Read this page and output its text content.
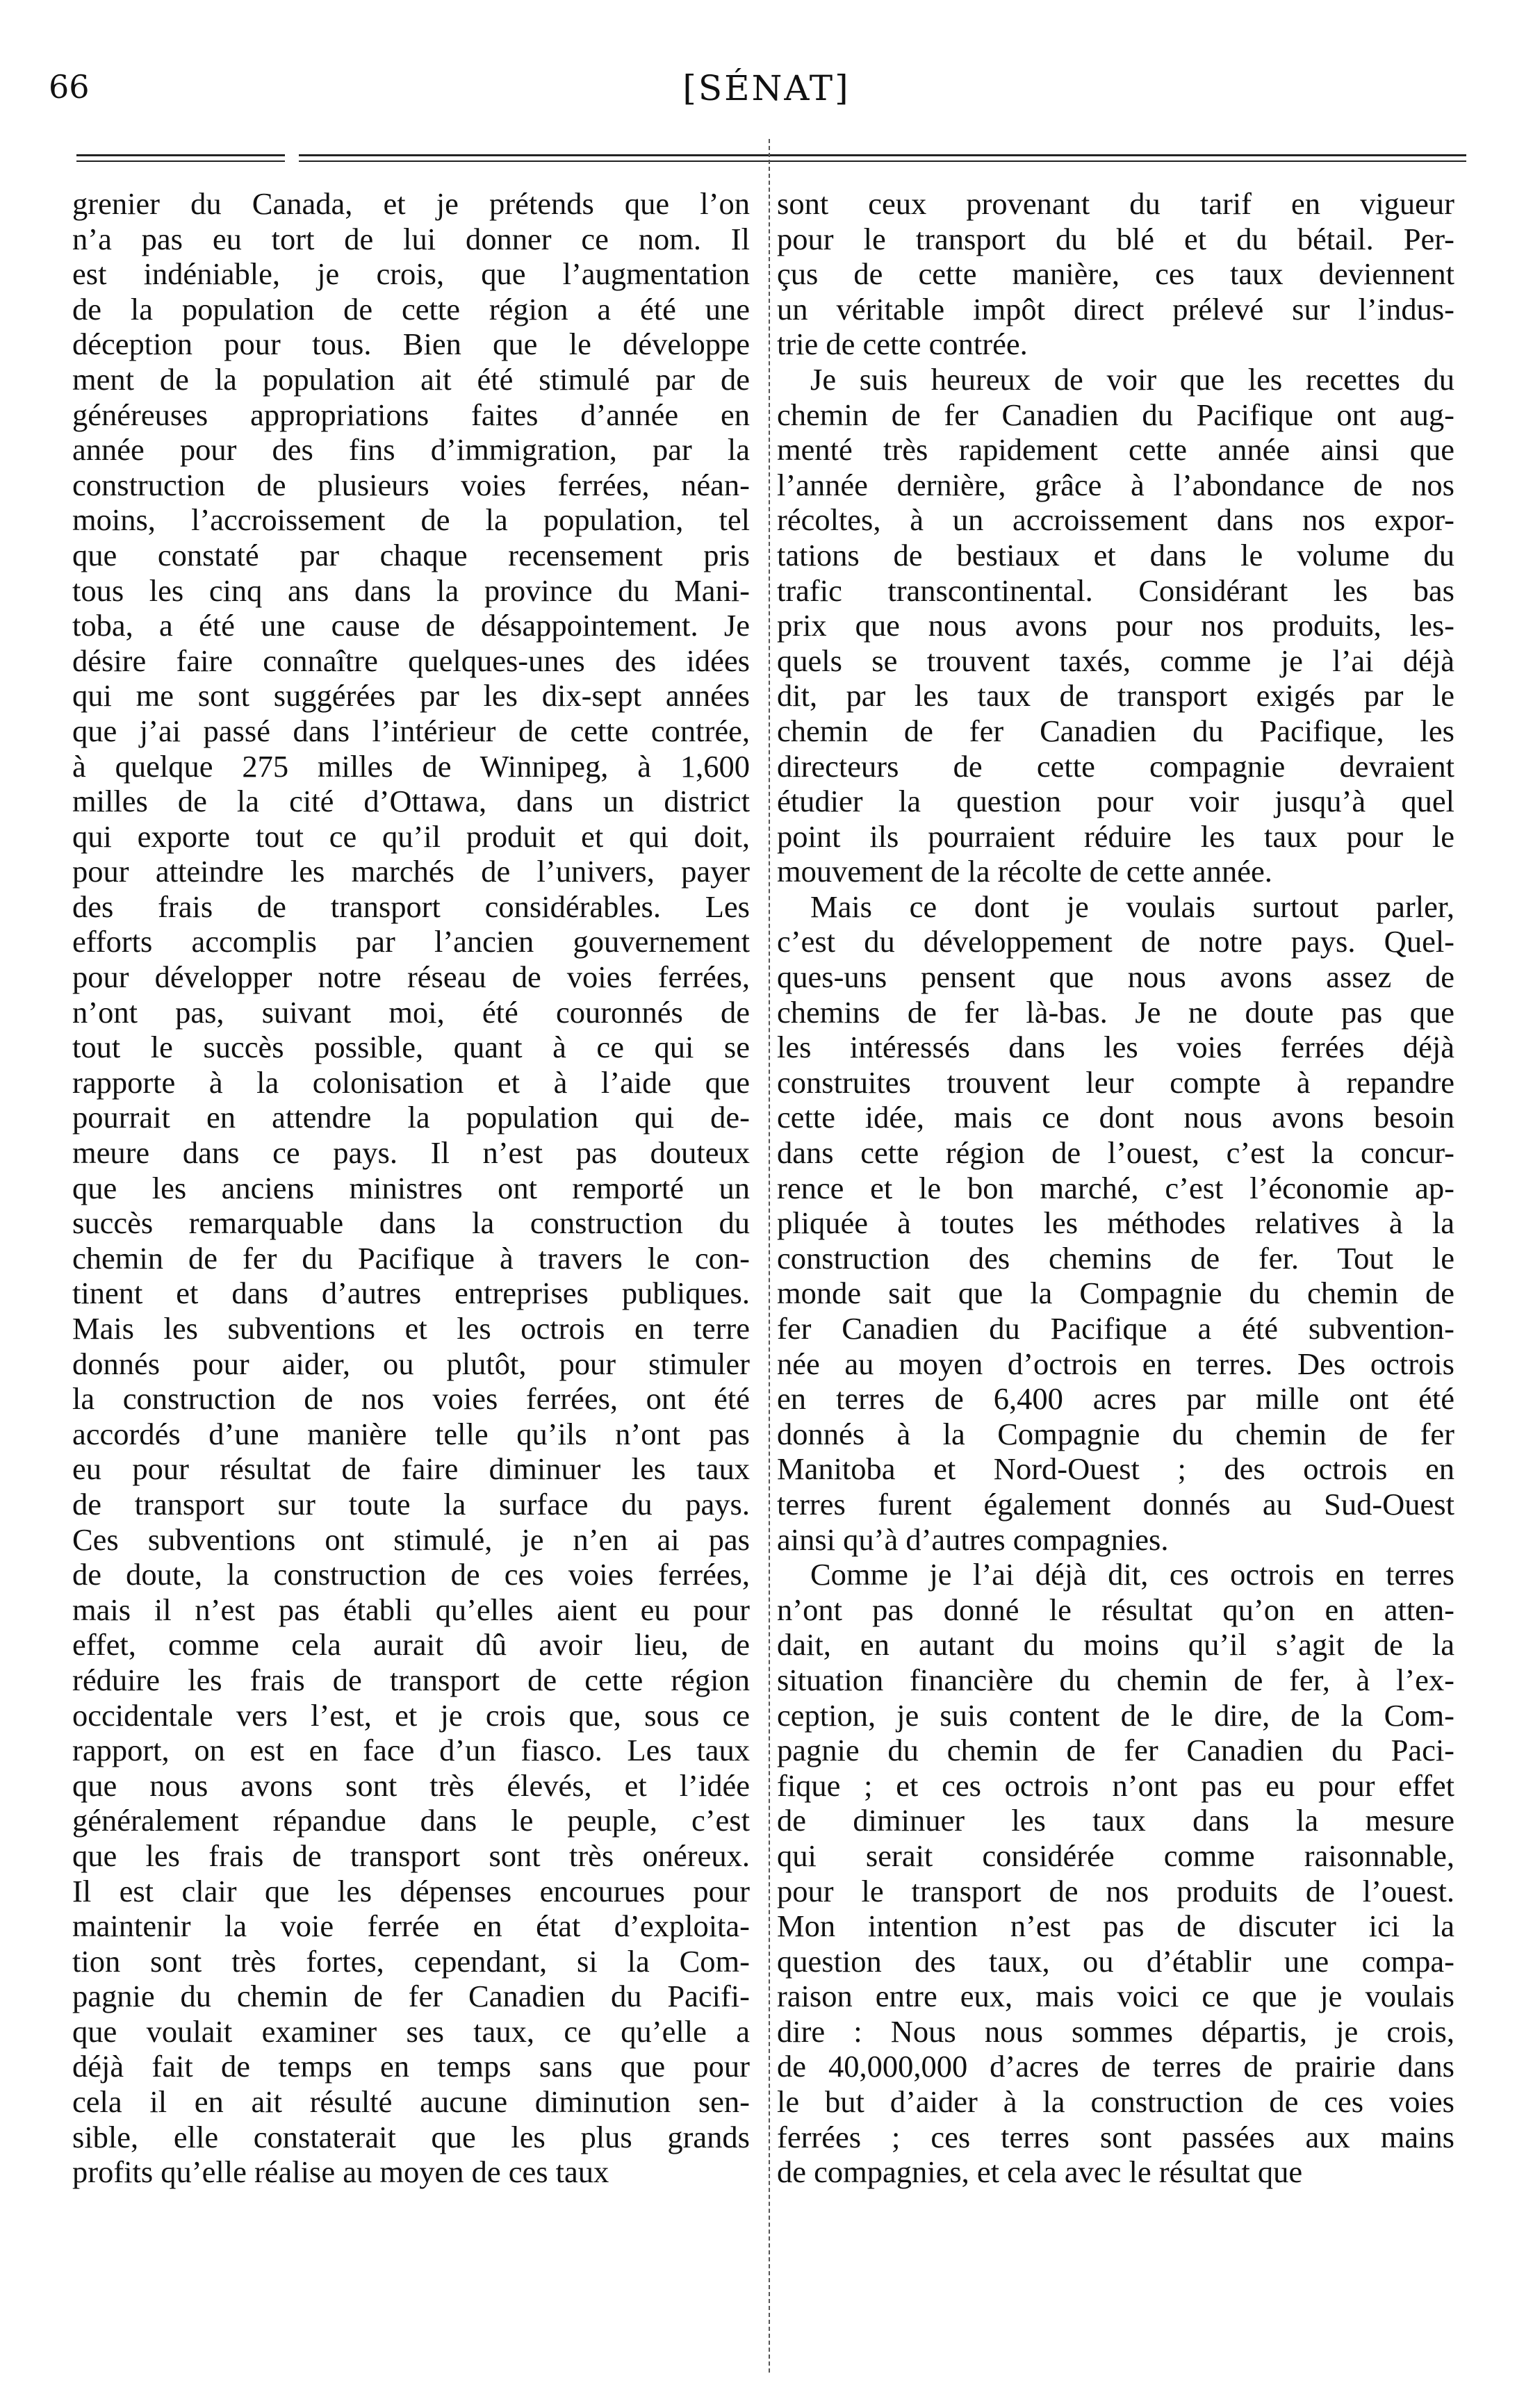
66	[SÉNAT]
grenier du Canada, et je prétends que l’on
n’a pas eu tort de lui donner ce nom. Il
est indéniable, je crois, que l’augmentation
de la population de cette région a été une
déception pour tous. Bien que le développe
ment de la population ait été stimulé par de
généreuses appropriations faites d’année en
année pour des fins d’immigration, par la
construction de plusieurs voies ferrées, néan-
moins, l’accroissement de la population, tel
que constaté par chaque recensement pris
tous les cinq ans dans la province du Mani-
toba, a été une cause de désappointement. Je
désire faire connaître quelques-unes des idées
qui me sont suggérées par les dix-sept années
que j’ai passé dans l’intérieur de cette contrée,
à quelque 275 milles de Winnipeg, à 1,600
milles de la cité d’Ottawa, dans un district
qui exporte tout ce qu’il produit et qui doit,
pour atteindre les marchés de l’univers, payer
des frais de transport considérables. Les
efforts accomplis par l’ancien gouvernement
pour développer notre réseau de voies ferrées,
n’ont pas, suivant moi, été couronnés de
tout le succès possible, quant à ce qui se
rapporte à la colonisation et à l’aide que
pourrait en attendre la population qui de-
meure dans ce pays. Il n’est pas douteux
que les anciens ministres ont remporté un
succès remarquable dans la construction du
chemin de fer du Pacifique à travers le con-
tinent et dans d’autres entreprises publiques.
Mais les subventions et les octrois en terre
donnés pour aider, ou plutôt, pour stimuler
la construction de nos voies ferrées, ont été
accordés d’une manière telle qu’ils n’ont pas
eu pour résultat de faire diminuer les taux
de transport sur toute la surface du pays.
Ces subventions ont stimulé, je n’en ai pas
de doute, la construction de ces voies ferrées,
mais il n’est pas établi qu’elles aient eu pour
effet, comme cela aurait dû avoir lieu, de
réduire les frais de transport de cette région
occidentale vers l’est, et je crois que, sous ce
rapport, on est en face d’un fiasco. Les taux
que nous avons sont très élevés, et l’idée
généralement répandue dans le peuple, c’est
que les frais de transport sont très onéreux.
Il est clair que les dépenses encourues pour
maintenir la voie ferrée en état d’exploita-
tion sont très fortes, cependant, si la Com-
pagnie du chemin de fer Canadien du Pacifi-
que voulait examiner ses taux, ce qu’elle a
déjà fait de temps en temps sans que pour
cela il en ait résulté aucune diminution sen-
sible, elle constaterait que les plus grands
profits qu’elle réalise au moyen de ces taux
sont ceux provenant du tarif en vigueur
pour le transport du blé et du bétail. Per-
çus de cette manière, ces taux deviennent
un véritable impôt direct prélevé sur l’indus-
trie de cette contrée.
Je suis heureux de voir que les recettes du
chemin de fer Canadien du Pacifique ont aug-
menté très rapidement cette année ainsi que
l’année dernière, grâce à l’abondance de nos
récoltes, à un accroissement dans nos expor-
tations de bestiaux et dans le volume du
trafic transcontinental. Considérant les bas
prix que nous avons pour nos produits, les-
quels se trouvent taxés, comme je l’ai déjà
dit, par les taux de transport exigés par le
chemin de fer Canadien du Pacifique, les
directeurs de cette compagnie devraient
étudier la question pour voir jusqu’à quel
point ils pourraient réduire les taux pour le
mouvement de la récolte de cette année.
Mais ce dont je voulais surtout parler,
c’est du développement de notre pays. Quel-
ques-uns pensent que nous avons assez de
chemins de fer là-bas. Je ne doute pas que
les intéressés dans les voies ferrées déjà
construites trouvent leur compte à repandre
cette idée, mais ce dont nous avons besoin
dans cette région de l’ouest, c’est la concur-
rence et le bon marché, c’est l’économie ap-
pliquée à toutes les méthodes relatives à la
construction des chemins de fer. Tout le
monde sait que la Compagnie du chemin de
fer Canadien du Pacifique a été subvention-
née au moyen d’octrois en terres. Des octrois
en terres de 6,400 acres par mille ont été
donnés à la Compagnie du chemin de fer
Manitoba et Nord-Ouest ; des octrois en
terres furent également donnés au Sud-Ouest
ainsi qu’à d’autres compagnies.
Comme je l’ai déjà dit, ces octrois en terres
n’ont pas donné le résultat qu’on en atten-
dait, en autant du moins qu’il s’agit de la
situation financière du chemin de fer, à l’ex-
ception, je suis content de le dire, de la Com-
pagnie du chemin de fer Canadien du Paci-
fique ; et ces octrois n’ont pas eu pour effet
de diminuer les taux dans la mesure
qui serait considérée comme raisonnable,
pour le transport de nos produits de l’ouest.
Mon intention n’est pas de discuter ici la
question des taux, ou d’établir une compa-
raison entre eux, mais voici ce que je voulais
dire : Nous nous sommes départis, je crois,
de 40,000,000 d’acres de terres de prairie dans
le but d’aider à la construction de ces voies
ferrées ; ces terres sont passées aux mains
de compagnies, et cela avec le résultat que
